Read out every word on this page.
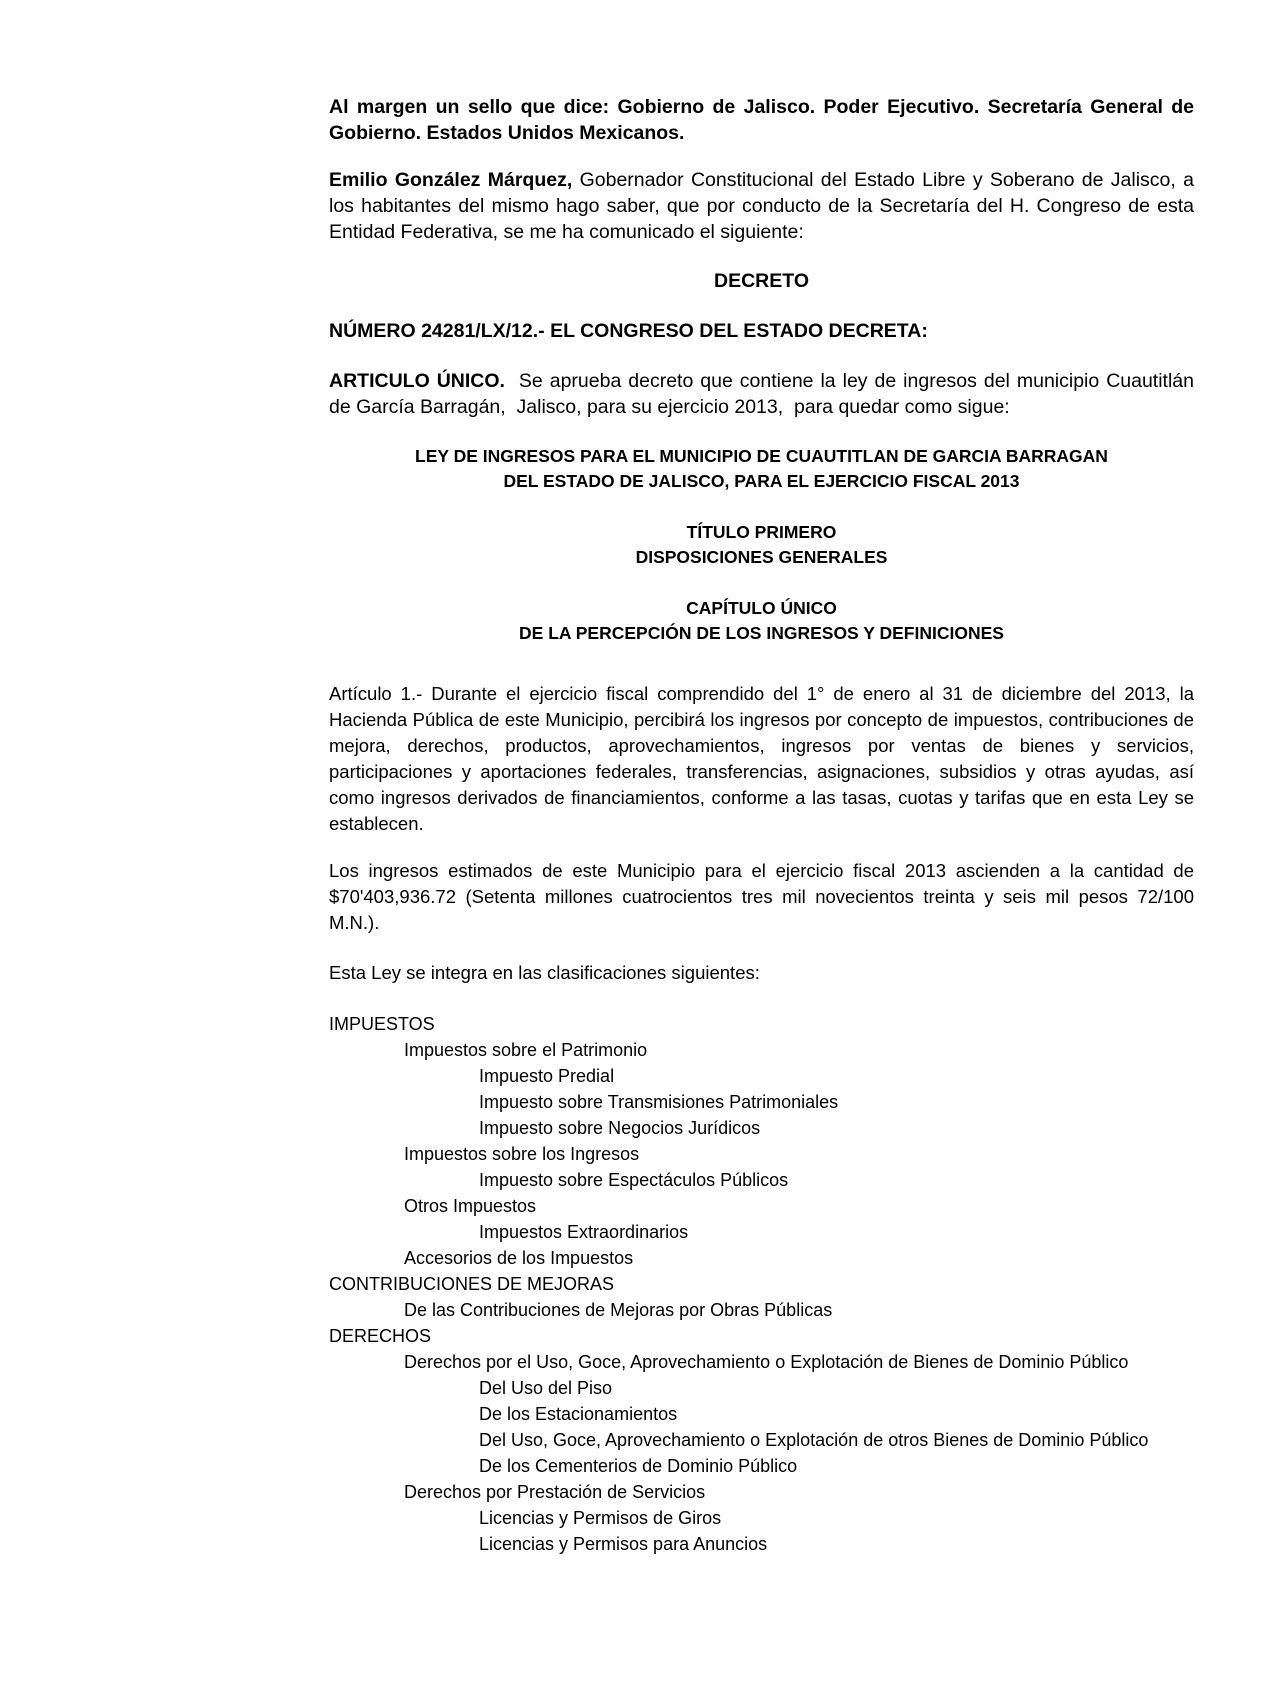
Al margen un sello que dice: Gobierno de Jalisco. Poder Ejecutivo. Secretaría General de Gobierno. Estados Unidos Mexicanos.
Emilio González Márquez, Gobernador Constitucional del Estado Libre y Soberano de Jalisco, a los habitantes del mismo hago saber, que por conducto de la Secretaría del H. Congreso de esta Entidad Federativa, se me ha comunicado el siguiente:
DECRETO
NÚMERO 24281/LX/12.- EL CONGRESO DEL ESTADO DECRETA:
ARTICULO ÚNICO.  Se aprueba decreto que contiene la ley de ingresos del municipio Cuautitlán de García Barragán,  Jalisco, para su ejercicio 2013,  para quedar como sigue:
LEY DE INGRESOS PARA EL MUNICIPIO DE CUAUTITLAN DE GARCIA BARRAGAN
DEL ESTADO DE JALISCO, PARA EL EJERCICIO FISCAL 2013
TÍTULO PRIMERO
DISPOSICIONES GENERALES
CAPÍTULO ÚNICO
DE LA PERCEPCIÓN DE LOS INGRESOS Y DEFINICIONES
Artículo 1.- Durante el ejercicio fiscal comprendido del 1° de enero al 31 de diciembre del 2013, la Hacienda Pública de este Municipio, percibirá los ingresos por concepto de impuestos, contribuciones de mejora, derechos, productos, aprovechamientos, ingresos por ventas de bienes y servicios, participaciones y aportaciones federales, transferencias, asignaciones, subsidios y otras ayudas, así como ingresos derivados de financiamientos, conforme a las tasas, cuotas y tarifas que en esta Ley se establecen.
Los ingresos estimados de este Municipio para el ejercicio fiscal 2013 ascienden a la cantidad de $70'403,936.72 (Setenta millones cuatrocientos tres mil novecientos treinta y seis mil pesos 72/100 M.N.).
Esta Ley se integra en las clasificaciones siguientes:
IMPUESTOS
Impuestos sobre el Patrimonio
Impuesto Predial
Impuesto sobre Transmisiones Patrimoniales
Impuesto sobre Negocios Jurídicos
Impuestos sobre los Ingresos
Impuesto sobre Espectáculos Públicos
Otros Impuestos
Impuestos Extraordinarios
Accesorios de los Impuestos
CONTRIBUCIONES DE MEJORAS
De las Contribuciones de Mejoras por Obras Públicas
DERECHOS
Derechos por el Uso, Goce, Aprovechamiento o Explotación de Bienes de Dominio Público
Del Uso del Piso
De los Estacionamientos
Del Uso, Goce, Aprovechamiento o Explotación de otros Bienes de Dominio Público
De los Cementerios de Dominio Público
Derechos por Prestación de Servicios
Licencias y Permisos de Giros
Licencias y Permisos para Anuncios
